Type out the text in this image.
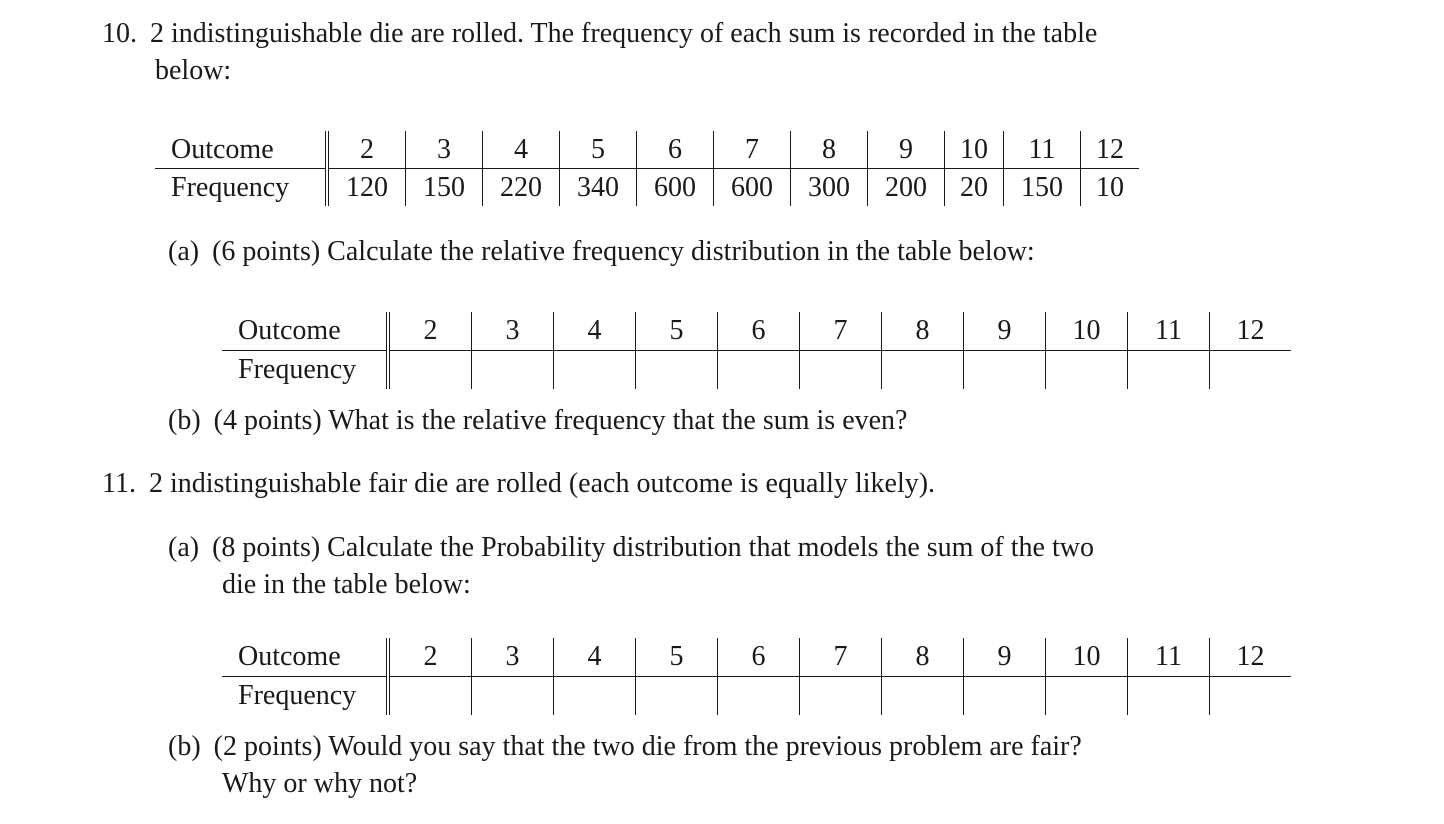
10. 2 indistinguishable die are rolled. The frequency of each sum is recorded in the table
below:
Outcome	2	3	4	5	6	7	8	9	10	11	12
Frequency	120	150	220	340	600	600	300	200	20	150	10
(a) (6 points) Calculate the relative frequency distribution in the table below:
Outcome	2	3	4	5	6	7	8	9	10	11	12
Frequency											
(b) (4 points) What is the relative frequency that the sum is even?
11. 2 indistinguishable fair die are rolled (each outcome is equally likely).
(a) (8 points) Calculate the Probability distribution that models the sum of the two
die in the table below:
Outcome	2	3	4	5	6	7	8	9	10	11	12
Frequency											
(b) (2 points) Would you say that the two die from the previous problem are fair?
Why or why not?
